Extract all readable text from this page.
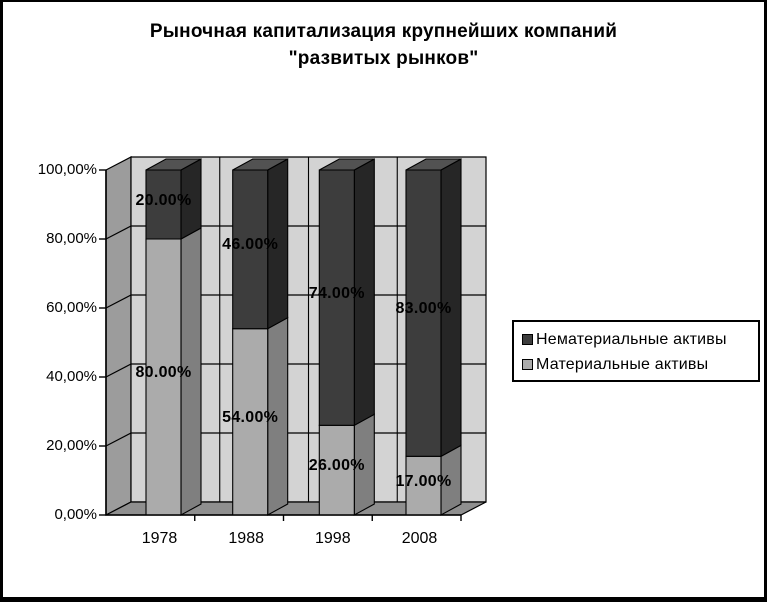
Рыночная капитализация крупнейших компаний
"развитых рынков"
100,00%
80,00%
60,00%
40,00%
20,00%
0,00%
1978	1988	1998	2008
20.00%
46.00%
74.00%
83.00%
80.00%
54.00%
26.00%
17.00%
Нематериальные активы
Материальные активы
